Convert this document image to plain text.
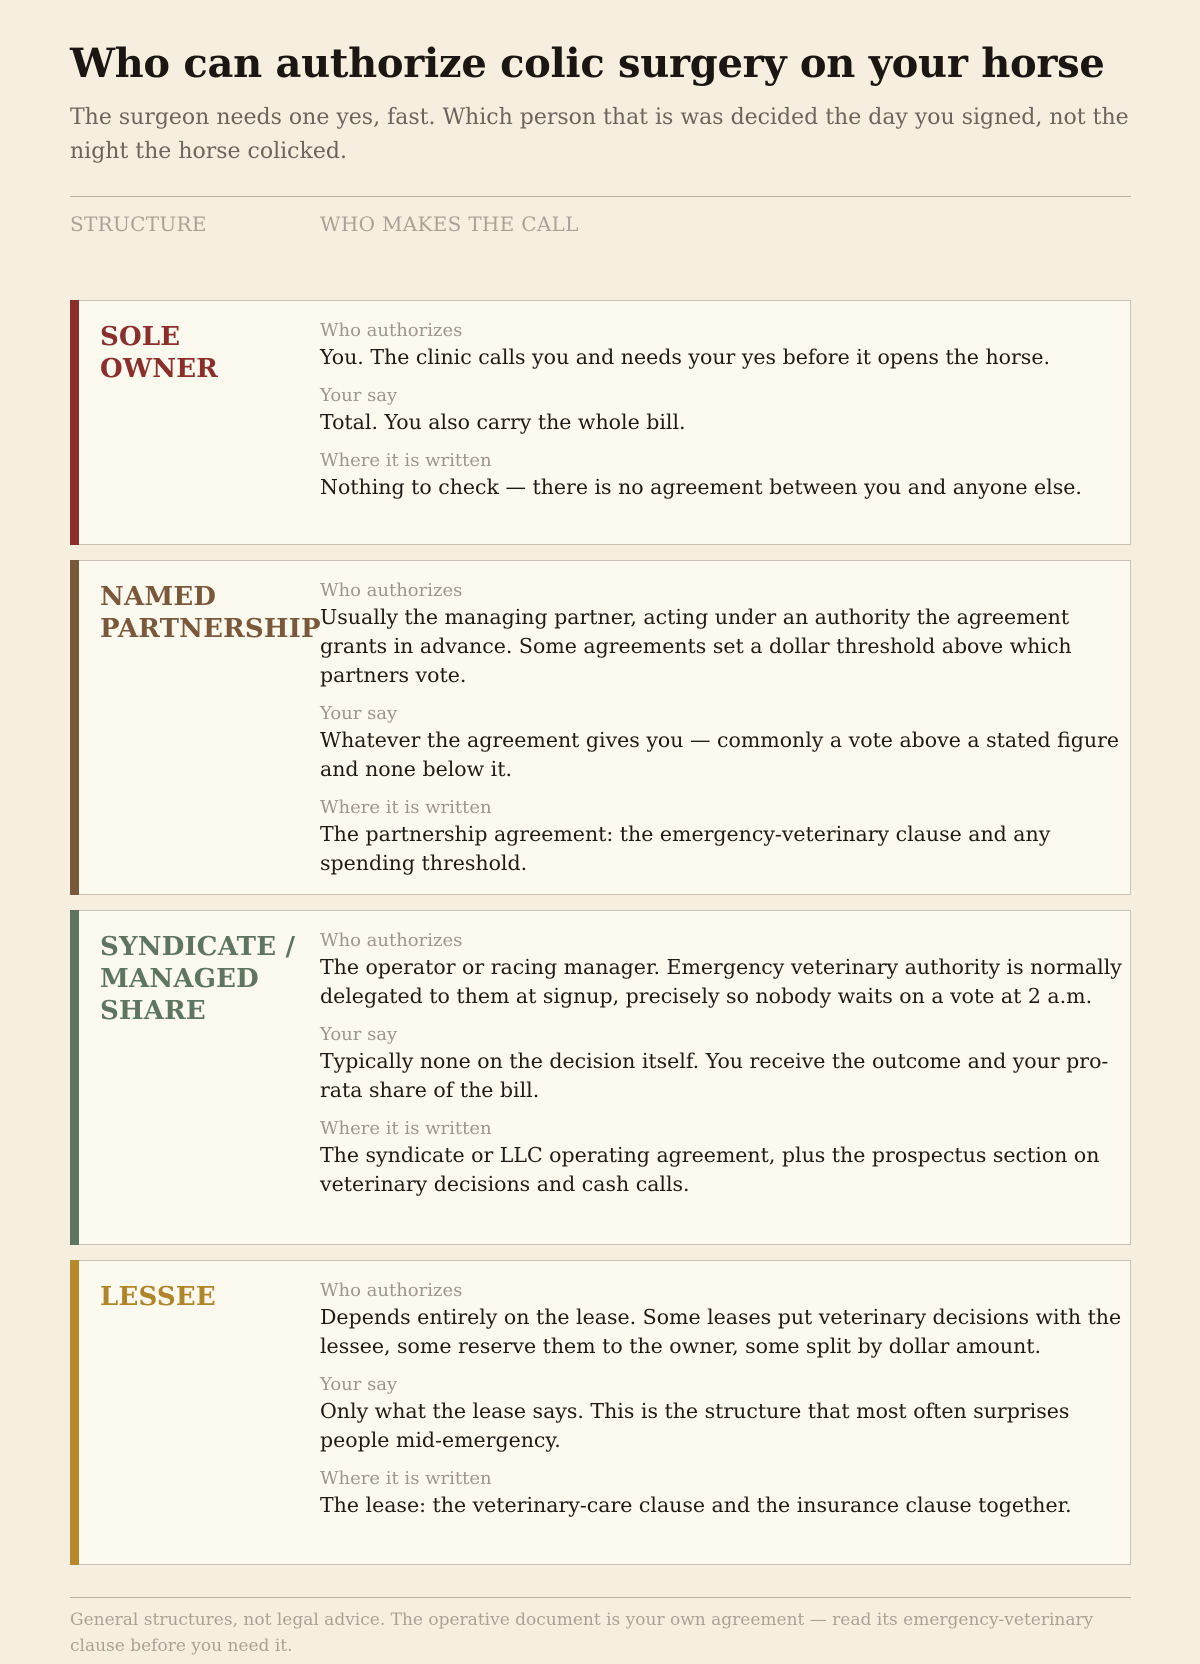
Who can authorize colic surgery on your horse

The surgeon needs one yes, fast. Which person that is was decided the day you signed, not the night the horse colicked.

STRUCTURE	WHO MAKES THE CALL
SOLE OWNER
Who authorizes
You. The clinic calls you and needs your yes before it opens the horse.
Your say
Total. You also carry the whole bill.
Where it is written
Nothing to check — there is no agreement between you and anyone else.
NAMED PARTNERSHIP
Who authorizes
Usually the managing partner, acting under an authority the agreement grants in advance. Some agreements set a dollar threshold above which partners vote.
Your say
Whatever the agreement gives you — commonly a vote above a stated figure and none below it.
Where it is written
The partnership agreement: the emergency-veterinary clause and any spending threshold.
SYNDICATE / MANAGED SHARE
Who authorizes
The operator or racing manager. Emergency veterinary authority is normally delegated to them at signup, precisely so nobody waits on a vote at 2 a.m.
Your say
Typically none on the decision itself. You receive the outcome and your pro-rata share of the bill.
Where it is written
The syndicate or LLC operating agreement, plus the prospectus section on veterinary decisions and cash calls.
LESSEE	Who authorizes
Depends entirely on the lease. Some leases put veterinary decisions with the lessee, some reserve them to the owner, some split by dollar amount.
Your say
Only what the lease says. This is the structure that most often surprises people mid-emergency.
Where it is written
The lease: the veterinary-care clause and the insurance clause together.

General structures, not legal advice. The operative document is your own agreement — read its emergency-veterinary clause before you need it.
